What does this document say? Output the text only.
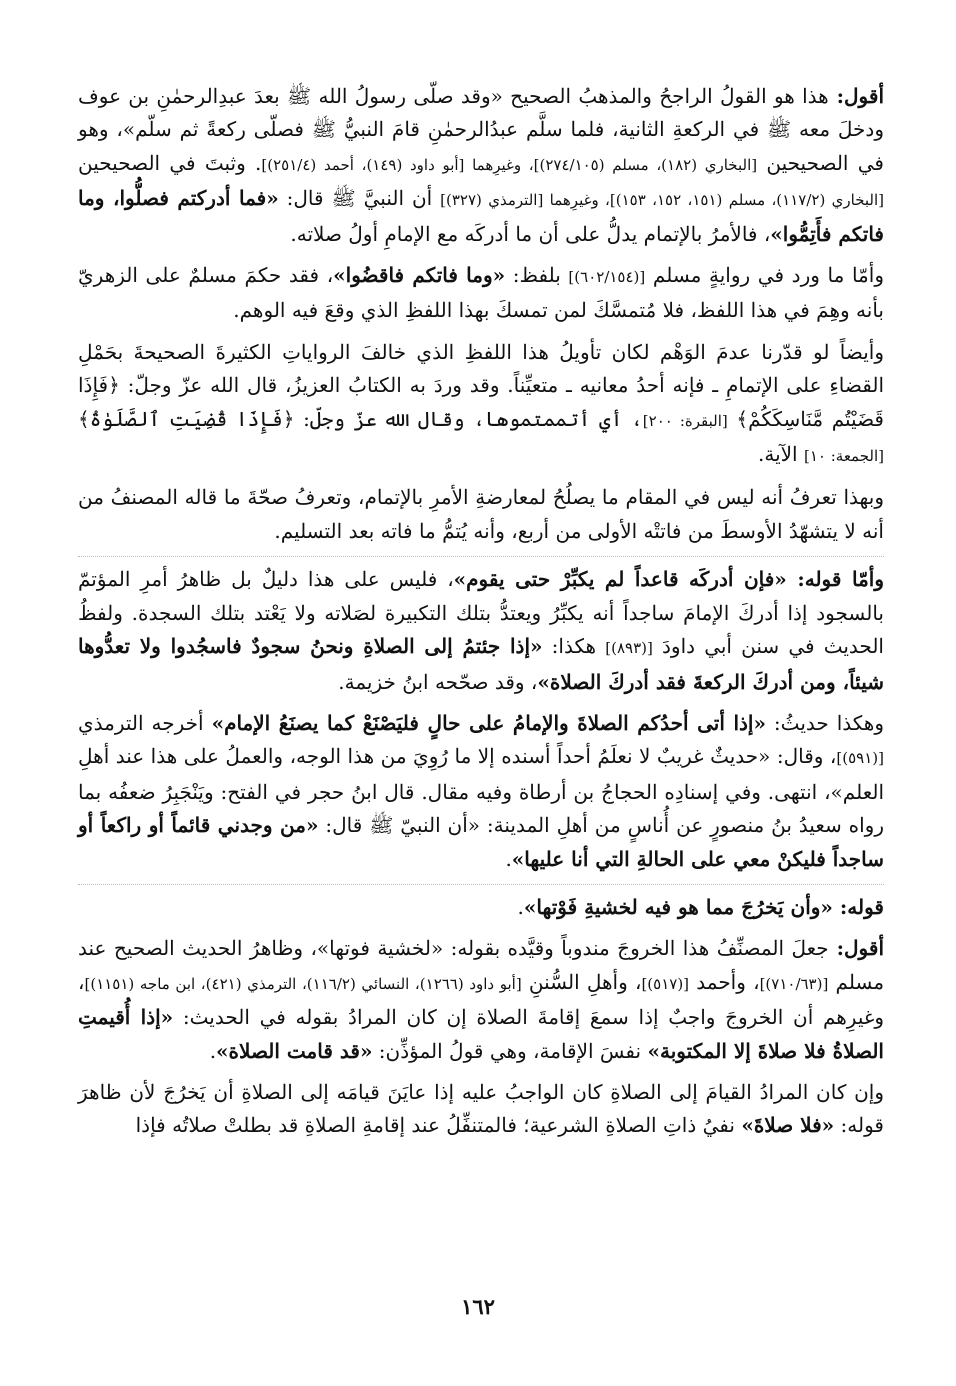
أقول: هذا هو القولُ الراجحُ والمذهبُ الصحيح «وقد صلّى رسولُ الله ﷺ بعدَ عبدِالرحمٰنِ بن عوف ودخلَ معه ﷺ في الركعةِ الثانية، فلما سلَّم عبدُالرحمٰنِ قامَ النبيُّ ﷺ فصلّى ركعةً ثم سلّم»، وهو في الصحيحين [البخاري (١٨٢)، مسلم (٢٧٤/١٠٥)]، وغيرِهما [أبو داود (١٤٩)، أحمد (٢٥١/٤)]. وثبتَ في الصحيحين [البخاري (١١٧/٢)، مسلم (١٥١، ١٥٢، ١٥٣)]، وغيرِهما [الترمذي (٣٢٧)] أن النبيَّ ﷺ قال: «فما أدركتم فصلُّوا، وما فاتكم فأَتِمُّوا»، فالأمرُ بالإتمام يدلُّ على أن ما أدركَه مع الإمامِ أولُ صلاته.

وأمّا ما ورد في روايةٍ مسلم [(٦٠٢/١٥٤)] بلفظ: «وما فاتكم فاقضُوا»، فقد حكمَ مسلمٌ على الزهريّ بأنه وهِمَ في هذا اللفظ، فلا مُتمسَّكَ لمن تمسكَ بهذا اللفظِ الذي وقعَ فيه الوهم.

وأيضاً لو قدّرنا عدمَ الوَهْم لكان تأويلُ هذا اللفظِ الذي خالفَ الرواياتِ الكثيرةَ الصحيحةَ بحَمْلِ القضاءِ على الإتمامِ ـ فإنه أحدُ معانيه ـ متعيِّناً. وقد وردَ به الكتابُ العزيزُ، قال الله عزّ وجلّ: ﴿فَإِذَا قَضَيْتُم مَّنَاسِكَكُمْ﴾ [البقرة: ٢٠٠]، أي أتممتموها، وقال الله عزّ وجلّ: ﴿فَإِذَا قُضِيَتِ ٱلصَّلَوٰةُ﴾ [الجمعة: ١٠] الآية.

وبهذا تعرفُ أنه ليس في المقام ما يصلُحُ لمعارضةِ الأمرِ بالإتمام، وتعرفُ صحّةَ ما قاله المصنفُ من أنه لا يتشهّدُ الأوسطَ من فاتتْه الأولى من أربع، وأنه يُتمُّ ما فاته بعد التسليم.

وأمّا قوله: «فإن أدركَه قاعداً لم يكبِّرْ حتى يقوم»، فليس على هذا دليلٌ بل ظاهرُ أمرِ المؤتمّ بالسجود إذا أدركَ الإمامَ ساجداً أنه يكبِّرُ ويعتدُّ بتلك التكبيرة لصَلاته ولا يَعْتد بتلك السجدة. ولفظُ الحديث في سنن أبي داودَ [(٨٩٣)] هكذا: «إذا جئتمُ إلى الصلاةِ ونحنُ سجودٌ فاسجُدوا ولا تعدُّوها شيئاً، ومن أدركَ الركعةَ فقد أدركَ الصلاة»، وقد صحّحه ابنُ خزيمة.

وهكذا حديثُ: «إذا أتى أحدُكم الصلاةَ والإمامُ على حالٍ فليَصْنَعْ كما يصنَعُ الإمام» أخرجه الترمذي [(٥٩١)]، وقال: «حديثٌ غريبٌ لا نعلَمُ أحداً أسنده إلا ما رُوِيَ من هذا الوجه، والعملُ على هذا عند أهلِ العلم»، انتهى. وفي إسنادِه الحجاجُ بن أرطاة وفيه مقال. قال ابنُ حجر في الفتح: ويَنْجَبِرُ ضعفُه بما رواه سعيدُ بنُ منصورٍ عن أُناسٍ من أهلِ المدينة: «أن النبيّ ﷺ قال: «من وجدني قائماً أو راكعاً أو ساجداً فليكنْ معي على الحالةِ التي أنا عليها».

قوله: «وأن يَخرُجَ مما هو فيه لخشيةِ فَوْتها».

أقول: جعلَ المصنِّفُ هذا الخروجَ مندوباً وقيَّده بقوله: «لخشية فوتها»، وظاهرُ الحديث الصحيح عند مسلم [(٧١٠/٦٣)]، وأحمد [(٥١٧)]، وأهلِ السُّننِ [أبو داود (١٢٦٦)، النسائي (١١٦/٢)، الترمذي (٤٢١)، ابن ماجه (١١٥١)]، وغيرِهم أن الخروجَ واجبٌ إذا سمعَ إقامةَ الصلاة إن كان المرادُ بقوله في الحديث: «إذا أُقيمتِ الصلاةُ فلا صلاةَ إلا المكتوبة» نفسَ الإقامة، وهي قولُ المؤذِّن: «قد قامت الصلاة».

وإن كان المرادُ القيامَ إلى الصلاةِ كان الواجبُ عليه إذا عايَنَ قيامَه إلى الصلاةِ أن يَخرُجَ لأن ظاهرَ قوله: «فلا صلاةَ» نفيُ ذاتِ الصلاةِ الشرعية؛ فالمتنفِّلُ عند إقامةِ الصلاةِ قد بطلتْ صلاتُه فإذا

١٦٢
